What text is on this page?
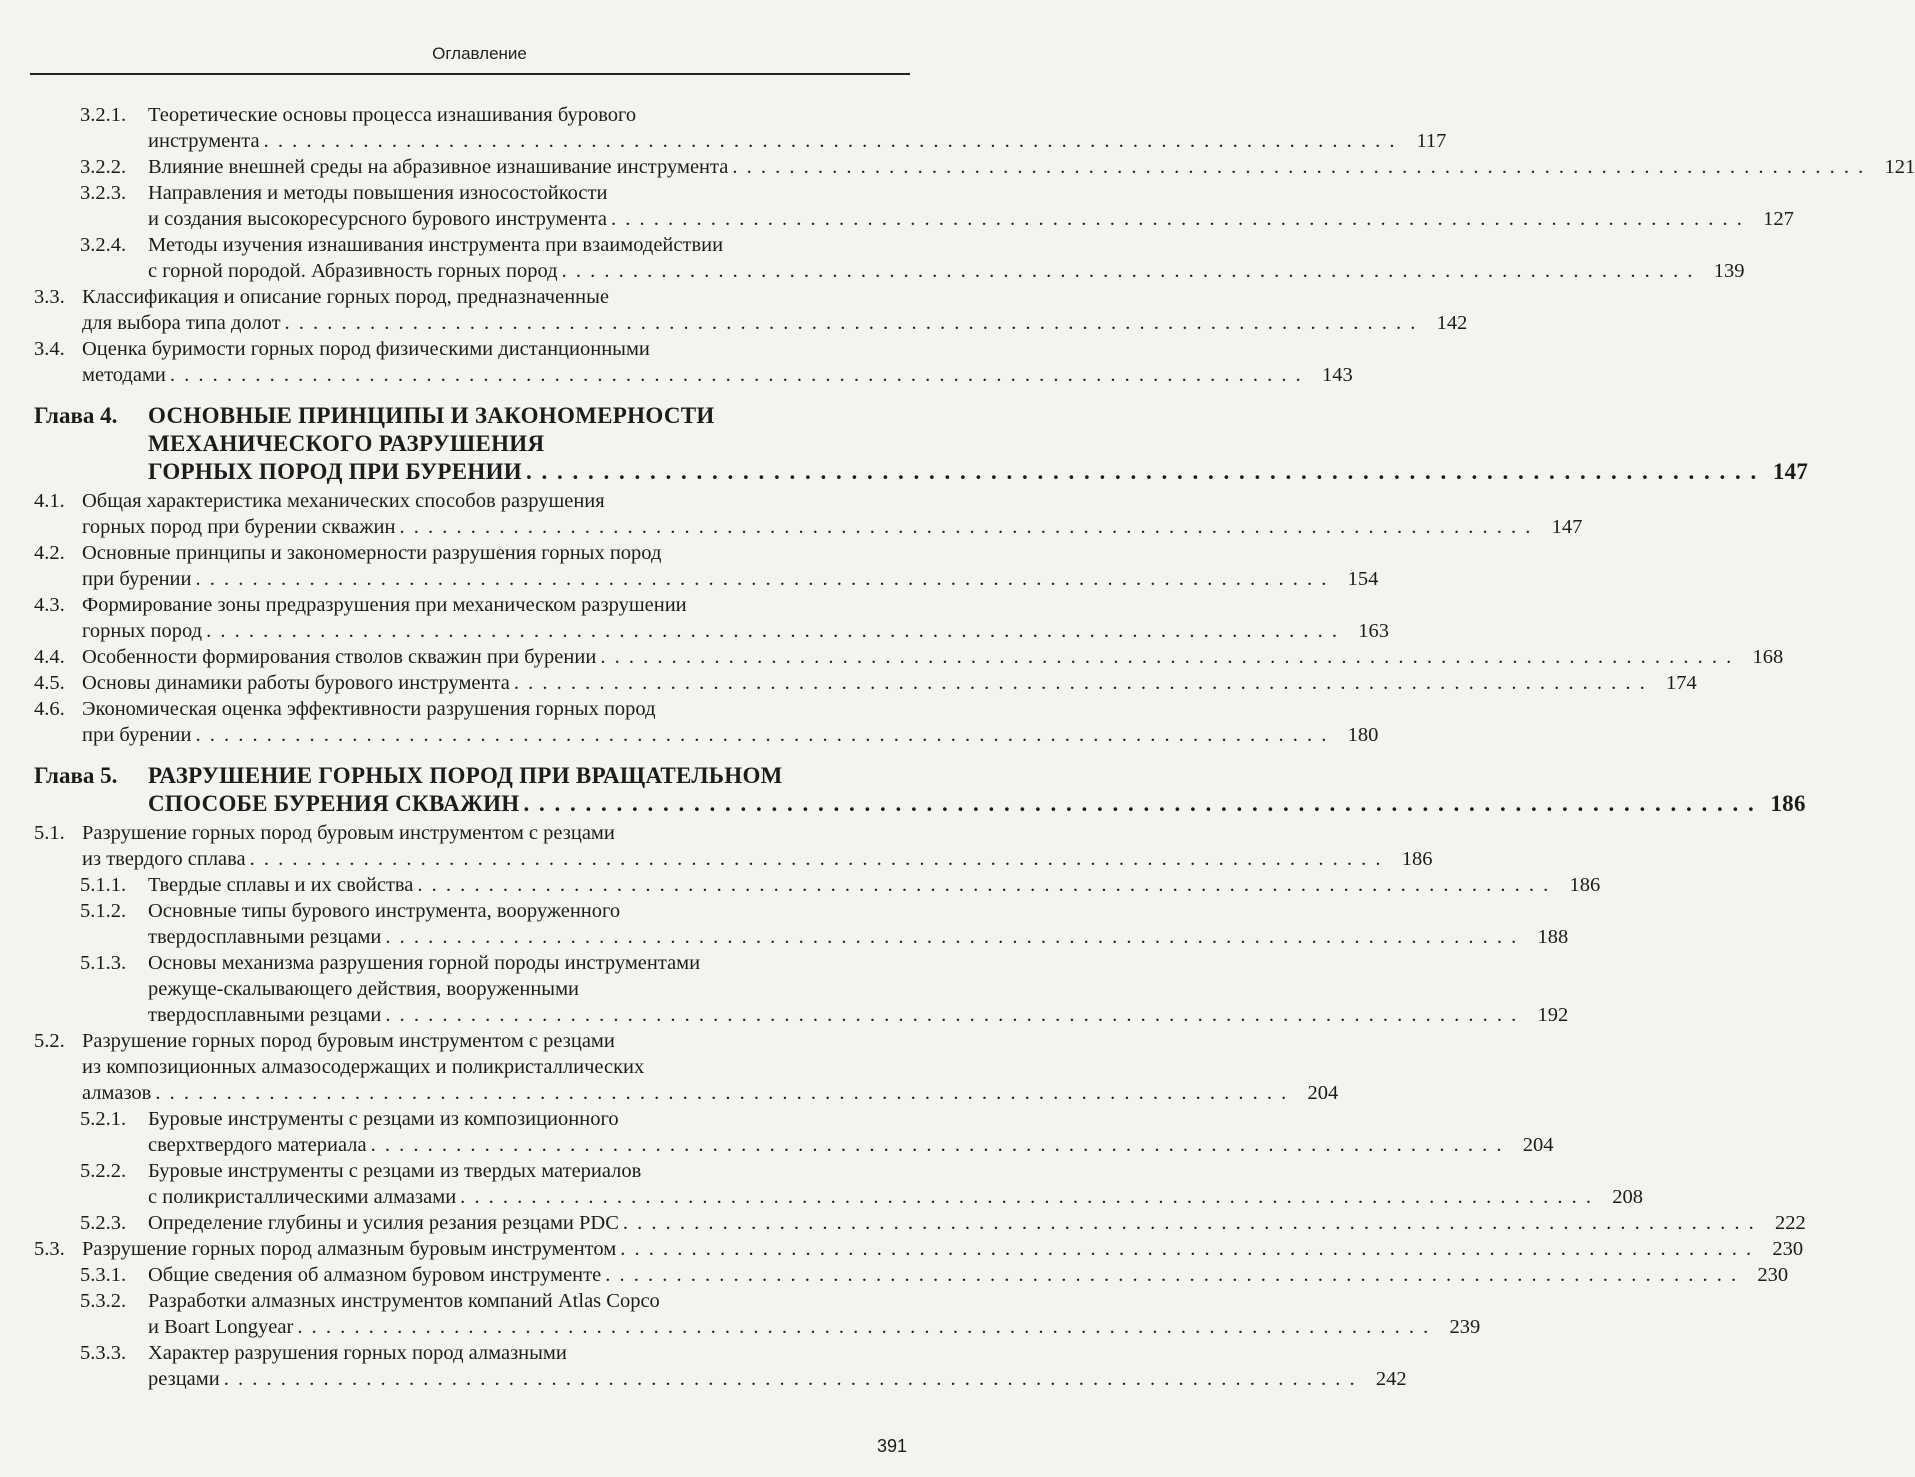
Оглавление
3.2.1. Теоретические основы процесса изнашивания бурового
инструмента . . . . . . . . . . . . . . . . . . . . . . . . . . . . . . . . . . . . . . . . . . . . . . . . . . . . . . . . . . . . . . . . . . . . . . . . . . . . . . . . 117
3.2.2. Влияние внешней среды на абразивное изнашивание инструмента . . . . . . . . . . . . . . . . . . . . . . . . . . . . . . . . . . . . . . . . . . . . . . . . . . . . . . . . . . . . . . . . . . . . . . . . . . . . . . . . 121
3.2.3. Направления и методы повышения износостойкости
и создания высокоресурсного бурового инструмента . . . . . . . . . . . . . . . . . . . . . . . . . . . . . . . . . . . . . . . . . . . . . . . . . . . . . . . . . . . . . . . . . . . . . . . . . . . . . . . . 127
3.2.4. Методы изучения изнашивания инструмента при взаимодействии
с горной породой. Абразивность горных пород . . . . . . . . . . . . . . . . . . . . . . . . . . . . . . . . . . . . . . . . . . . . . . . . . . . . . . . . . . . . . . . . . . . . . . . . . . . . . . . . 139
3.3. Классификация и описание горных пород, предназначенные
для выбора типа долот . . . . . . . . . . . . . . . . . . . . . . . . . . . . . . . . . . . . . . . . . . . . . . . . . . . . . . . . . . . . . . . . . . . . . . . . . . . . . . . . 142
3.4. Оценка буримости горных пород физическими дистанционными
методами . . . . . . . . . . . . . . . . . . . . . . . . . . . . . . . . . . . . . . . . . . . . . . . . . . . . . . . . . . . . . . . . . . . . . . . . . . . . . . . . 143
Глава 4. ОСНОВНЫЕ ПРИНЦИПЫ И ЗАКОНОМЕРНОСТИ
МЕХАНИЧЕСКОГО РАЗРУШЕНИЯ
ГОРНЫХ ПОРОД ПРИ БУРЕНИИ . . . . . . . . . . . . . . . . . . . . . . . . . . . . . . . . . . . . . . . . . . . . . . . . . . . . . . . . . . . . . . . . . . . . . . . . . . . . . . . . 147
4.1. Общая характеристика механических способов разрушения
горных пород при бурении скважин . . . . . . . . . . . . . . . . . . . . . . . . . . . . . . . . . . . . . . . . . . . . . . . . . . . . . . . . . . . . . . . . . . . . . . . . . . . . . . . . 147
4.2. Основные принципы и закономерности разрушения горных пород
при бурении . . . . . . . . . . . . . . . . . . . . . . . . . . . . . . . . . . . . . . . . . . . . . . . . . . . . . . . . . . . . . . . . . . . . . . . . . . . . . . . . 154
4.3. Формирование зоны предразрушения при механическом разрушении
горных пород . . . . . . . . . . . . . . . . . . . . . . . . . . . . . . . . . . . . . . . . . . . . . . . . . . . . . . . . . . . . . . . . . . . . . . . . . . . . . . . . 163
4.4. Особенности формирования стволов скважин при бурении . . . . . . . . . . . . . . . . . . . . . . . . . . . . . . . . . . . . . . . . . . . . . . . . . . . . . . . . . . . . . . . . . . . . . . . . . . . . . . . . 168
4.5. Основы динамики работы бурового инструмента . . . . . . . . . . . . . . . . . . . . . . . . . . . . . . . . . . . . . . . . . . . . . . . . . . . . . . . . . . . . . . . . . . . . . . . . . . . . . . . . 174
4.6. Экономическая оценка эффективности разрушения горных пород
при бурении . . . . . . . . . . . . . . . . . . . . . . . . . . . . . . . . . . . . . . . . . . . . . . . . . . . . . . . . . . . . . . . . . . . . . . . . . . . . . . . . 180
Глава 5. РАЗРУШЕНИЕ ГОРНЫХ ПОРОД ПРИ ВРАЩАТЕЛЬНОМ
СПОСОБЕ БУРЕНИЯ СКВАЖИН . . . . . . . . . . . . . . . . . . . . . . . . . . . . . . . . . . . . . . . . . . . . . . . . . . . . . . . . . . . . . . . . . . . . . . . . . . . . . . . . 186
5.1. Разрушение горных пород буровым инструментом с резцами
из твердого сплава . . . . . . . . . . . . . . . . . . . . . . . . . . . . . . . . . . . . . . . . . . . . . . . . . . . . . . . . . . . . . . . . . . . . . . . . . . . . . . . . 186
5.1.1. Твердые сплавы и их свойства . . . . . . . . . . . . . . . . . . . . . . . . . . . . . . . . . . . . . . . . . . . . . . . . . . . . . . . . . . . . . . . . . . . . . . . . . . . . . . . . 186
5.1.2. Основные типы бурового инструмента, вооруженного
твердосплавными резцами . . . . . . . . . . . . . . . . . . . . . . . . . . . . . . . . . . . . . . . . . . . . . . . . . . . . . . . . . . . . . . . . . . . . . . . . . . . . . . . . 188
5.1.3. Основы механизма разрушения горной породы инструментами
режуще-скалывающего действия, вооруженными
твердосплавными резцами . . . . . . . . . . . . . . . . . . . . . . . . . . . . . . . . . . . . . . . . . . . . . . . . . . . . . . . . . . . . . . . . . . . . . . . . . . . . . . . . 192
5.2. Разрушение горных пород буровым инструментом с резцами
из композиционных алмазосодержащих и поликристаллических
алмазов . . . . . . . . . . . . . . . . . . . . . . . . . . . . . . . . . . . . . . . . . . . . . . . . . . . . . . . . . . . . . . . . . . . . . . . . . . . . . . . . 204
5.2.1. Буровые инструменты с резцами из композиционного
сверхтвердого материала . . . . . . . . . . . . . . . . . . . . . . . . . . . . . . . . . . . . . . . . . . . . . . . . . . . . . . . . . . . . . . . . . . . . . . . . . . . . . . . . 204
5.2.2. Буровые инструменты с резцами из твердых материалов
с поликристаллическими алмазами . . . . . . . . . . . . . . . . . . . . . . . . . . . . . . . . . . . . . . . . . . . . . . . . . . . . . . . . . . . . . . . . . . . . . . . . . . . . . . . . 208
5.2.3. Определение глубины и усилия резания резцами PDC . . . . . . . . . . . . . . . . . . . . . . . . . . . . . . . . . . . . . . . . . . . . . . . . . . . . . . . . . . . . . . . . . . . . . . . . . . . . . . . . 222
5.3. Разрушение горных пород алмазным буровым инструментом . . . . . . . . . . . . . . . . . . . . . . . . . . . . . . . . . . . . . . . . . . . . . . . . . . . . . . . . . . . . . . . . . . . . . . . . . . . . . . . . 230
5.3.1. Общие сведения об алмазном буровом инструменте . . . . . . . . . . . . . . . . . . . . . . . . . . . . . . . . . . . . . . . . . . . . . . . . . . . . . . . . . . . . . . . . . . . . . . . . . . . . . . . . 230
5.3.2. Разработки алмазных инструментов компаний Atlas Copco
и Boart Longyear . . . . . . . . . . . . . . . . . . . . . . . . . . . . . . . . . . . . . . . . . . . . . . . . . . . . . . . . . . . . . . . . . . . . . . . . . . . . . . . . 239
5.3.3. Характер разрушения горных пород алмазными
резцами . . . . . . . . . . . . . . . . . . . . . . . . . . . . . . . . . . . . . . . . . . . . . . . . . . . . . . . . . . . . . . . . . . . . . . . . . . . . . . . . 242
391
